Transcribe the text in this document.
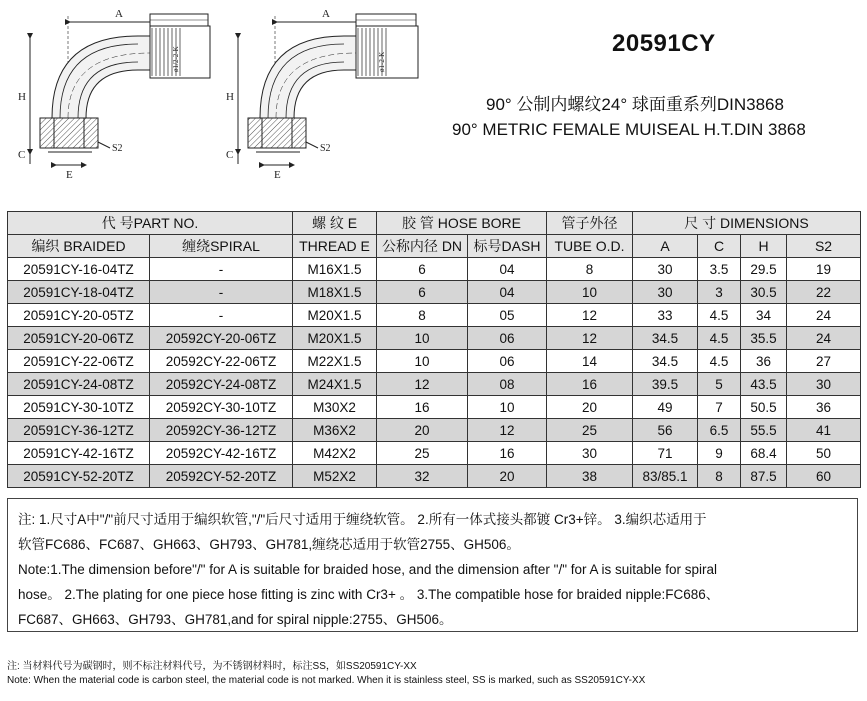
A
H
C
E
S2
ø1/2-2-K
A
H
C
E
S2
ø1-2-K
20591CY
90° 公制内螺纹24° 球面重系列DIN3868
90° METRIC FEMALE MUISEAL H.T.DIN 3868
代 号PART NO.		螺 纹 E	胶 管 HOSE BORE		管子外径	尺 寸 DIMENSIONS			
编织 BRAIDED	缠绕SPIRAL	THREAD E	公称内径 DN	标号DASH	TUBE O.D.	A	C	H	S2
20591CY-16-04TZ	-	M16X1.5	6	04	8	30	3.5	29.5	19
20591CY-18-04TZ	-	M18X1.5	6	04	10	30	3	30.5	22
20591CY-20-05TZ	-	M20X1.5	8	05	12	33	4.5	34	24
20591CY-20-06TZ	20592CY-20-06TZ	M20X1.5	10	06	12	34.5	4.5	35.5	24
20591CY-22-06TZ	20592CY-22-06TZ	M22X1.5	10	06	14	34.5	4.5	36	27
20591CY-24-08TZ	20592CY-24-08TZ	M24X1.5	12	08	16	39.5	5	43.5	30
20591CY-30-10TZ	20592CY-30-10TZ	M30X2	16	10	20	49	7	50.5	36
20591CY-36-12TZ	20592CY-36-12TZ	M36X2	20	12	25	56	6.5	55.5	41
20591CY-42-16TZ	20592CY-42-16TZ	M42X2	25	16	30	71	9	68.4	50
20591CY-52-20TZ	20592CY-52-20TZ	M52X2	32	20	38	83/85.1	8	87.5	60
注: 1.尺寸A中"/"前尺寸适用于编织软管,"/"后尺寸适用于缠绕软管。 2.所有一体式接头都镀 Cr3+锌。 3.编织芯适用于
软管FC686、FC687、GH663、GH793、GH781,缠绕芯适用于软管2755、GH506。
Note:1.The dimension before"/" for A is suitable for braided hose, and the dimension after "/" for A is suitable for spiral
hose。 2.The plating for one piece hose fitting is zinc with Cr3+ 。 3.The compatible hose for braided nipple:FC686、
FC687、GH663、GH793、GH781,and for spiral nipple:2755、GH506。
注: 当材料代号为碳钢时，则不标注材料代号，为不锈钢材料时，标注SS，如SS20591CY-XX
Note: When the material code is carbon steel, the material code is not marked. When it is stainless steel, SS is marked, such as SS20591CY-XX
